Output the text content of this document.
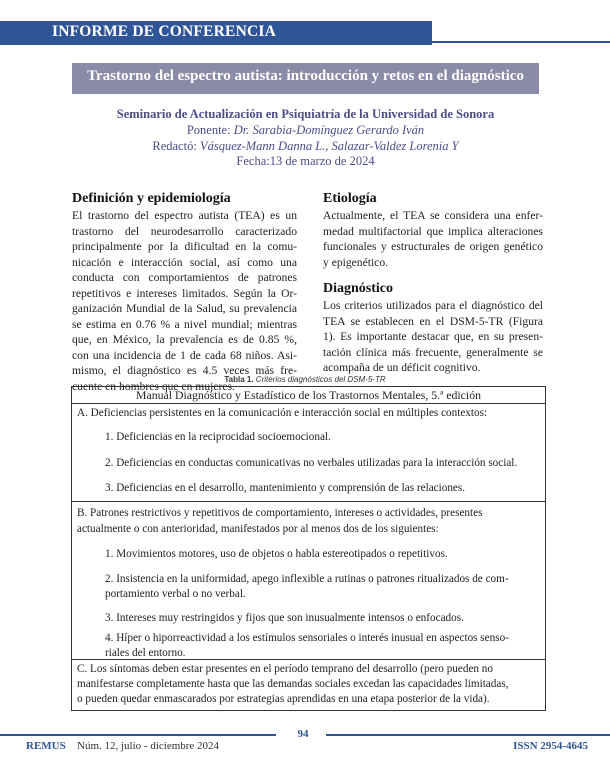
INFORME DE CONFERENCIA
Trastorno del espectro autista: introducción y retos en el diagnóstico
Seminario de Actualización en Psiquiatría de la Universidad de Sonora
Ponente: Dr. Sarabia-Domínguez Gerardo Iván
Redactó: Vásquez-Mann Danna L., Salazar-Valdez Lorenia Y
Fecha:13 de marzo de 2024
Definición y epidemiología
El trastorno del espectro autista (TEA) es un
trastorno del neurodesarrollo caracterizado
principalmente por la dificultad en la comu-
nicación e interacción social, así como una
conducta con comportamientos de patrones
repetitivos e intereses limitados. Según la Or-
ganización Mundial de la Salud, su prevalencia
se estima en 0.76 % a nivel mundial; mientras
que, en México, la prevalencia es de 0.85 %,
con una incidencia de 1 de cada 68 niños. Asi-
mismo, el diagnóstico es 4.5 veces más fre-
cuente en hombres que en mujeres.
Etiología
Actualmente, el TEA se considera una enfer-
medad multifactorial que implica alteraciones
funcionales y estructurales de origen genético
y epigenético.
Diagnóstico
Los criterios utilizados para el diagnóstico del
TEA se establecen en el DSM-5-TR (Figura
1). Es importante destacar que, en su presen-
tación clínica más frecuente, generalmente se
acompaña de un déficit cognitivo.
Tabla 1. Criterios diagnósticos del DSM-5-TR
Manual Diagnóstico y Estadístico de los Trastornos Mentales, 5.ª edición
A. Deficiencias persistentes en la comunicación e interacción social en múltiples contextos:
1. Deficiencias en la reciprocidad socioemocional.
2. Deficiencias en conductas comunicativas no verbales utilizadas para la interacción social.
3. Deficiencias en el desarrollo, mantenimiento y comprensión de las relaciones.
B. Patrones restrictivos y repetitivos de comportamiento, intereses o actividades, presentes
actualmente o con anterioridad, manifestados por al menos dos de los siguientes:
1. Movimientos motores, uso de objetos o habla estereotipados o repetitivos.
2. Insistencia en la uniformidad, apego inflexible a rutinas o patrones ritualizados de com-
portamiento verbal o no verbal.
3. Intereses muy restringidos y fijos que son inusualmente intensos o enfocados.
4. Híper o hiporreactividad a los estímulos sensoriales o interés inusual en aspectos senso-
riales del entorno.
C. Los síntomas deben estar presentes en el período temprano del desarrollo (pero pueden no
manifestarse completamente hasta que las demandas sociales excedan las capacidades limitadas,
o pueden quedar enmascarados por estrategias aprendidas en una etapa posterior de la vida).
94
REMUS Núm. 12, julio - diciembre 2024	ISSN 2954-4645
